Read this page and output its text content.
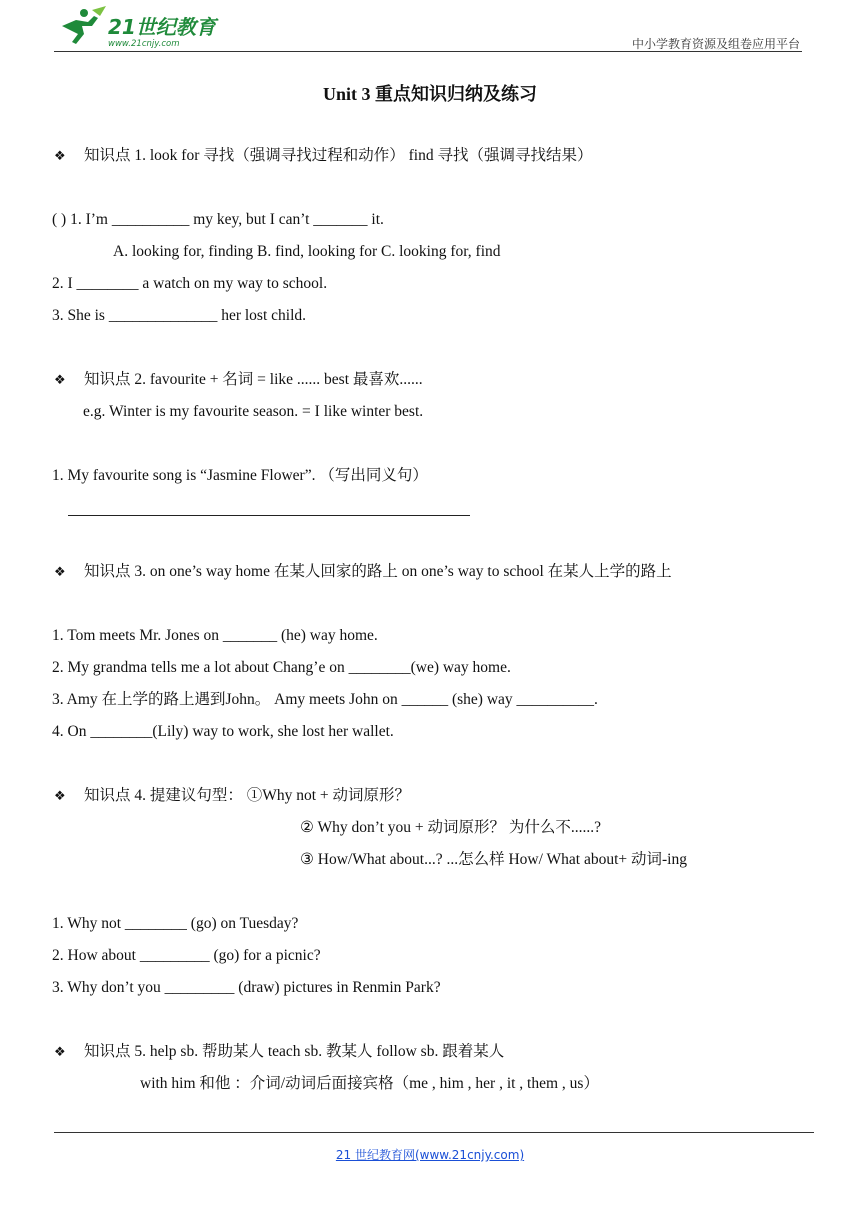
21世纪教育
www.21cnjy.com	中小学教育资源及组卷应用平台
Unit 3 重点知识归纳及练习
❖ 知识点 1. look for 寻找（强调寻找过程和动作） find 寻找（强调寻找结果）
( ) 1. I’m __________ my key, but I can’t _______ it.
A. looking for, finding B. find, looking for C. looking for, find
2. I ________ a watch on my way to school.
3. She is ______________ her lost child.
❖ 知识点 2. favourite + 名词 = like ...... best 最喜欢......
e.g. Winter is my favourite season. = I like winter best.
1. My favourite song is “Jasmine Flower”. （写出同义句）
❖ 知识点 3. on one’s way home 在某人回家的路上 on one’s way to school 在某人上学的路上
1. Tom meets Mr. Jones on _______ (he) way home.
2. My grandma tells me a lot about Chang’e on ________(we) way home.
3. Amy 在上学的路上遇到John。 Amy meets John on ______ (she) way __________.
4. On ________(Lily) way to work, she lost her wallet.
❖ 知识点 4. 提建议句型： ①Why not + 动词原形？
② Why don’t you + 动词原形？ 为什么不......?
③ How/What about...? ...怎么样 How/ What about+ 动词-ing
1. Why not ________ (go) on Tuesday?
2. How about _________ (go) for a picnic?
3. Why don’t you _________ (draw) pictures in Renmin Park?
❖ 知识点 5. help sb. 帮助某人 teach sb. 教某人 follow sb. 跟着某人
with him 和他 ：介词/动词后面接宾格（me , him , her , it , them , us）
21 世纪教育网(www.21cnjy.com)
